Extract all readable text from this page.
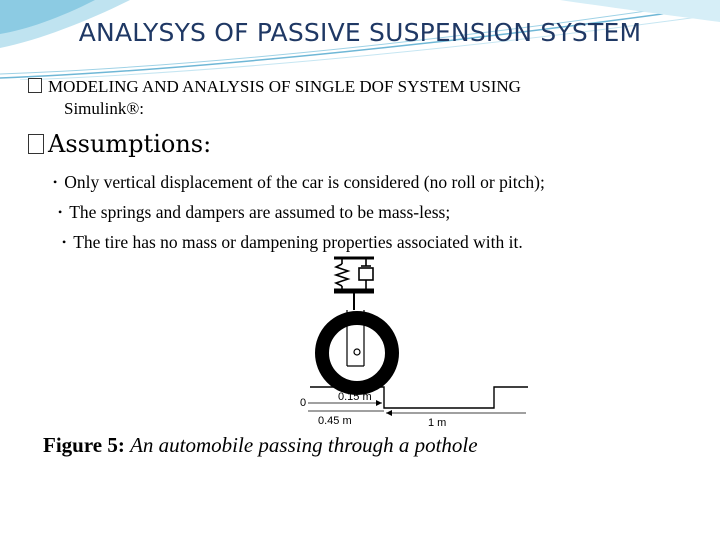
ANALYSYS OF PASSIVE SUSPENSION SYSTEM
MODELING AND ANALYSIS OF SINGLE DOF SYSTEM USING
Simulink®:
Assumptions:
• Only vertical displacement of the car is considered (no roll or pitch);
• The springs and dampers are assumed to be mass-less;
• The tire has no mass or dampening properties associated with it.
0	0.15 m
0.45 m	1 m
Figure 5: An automobile passing through a pothole
